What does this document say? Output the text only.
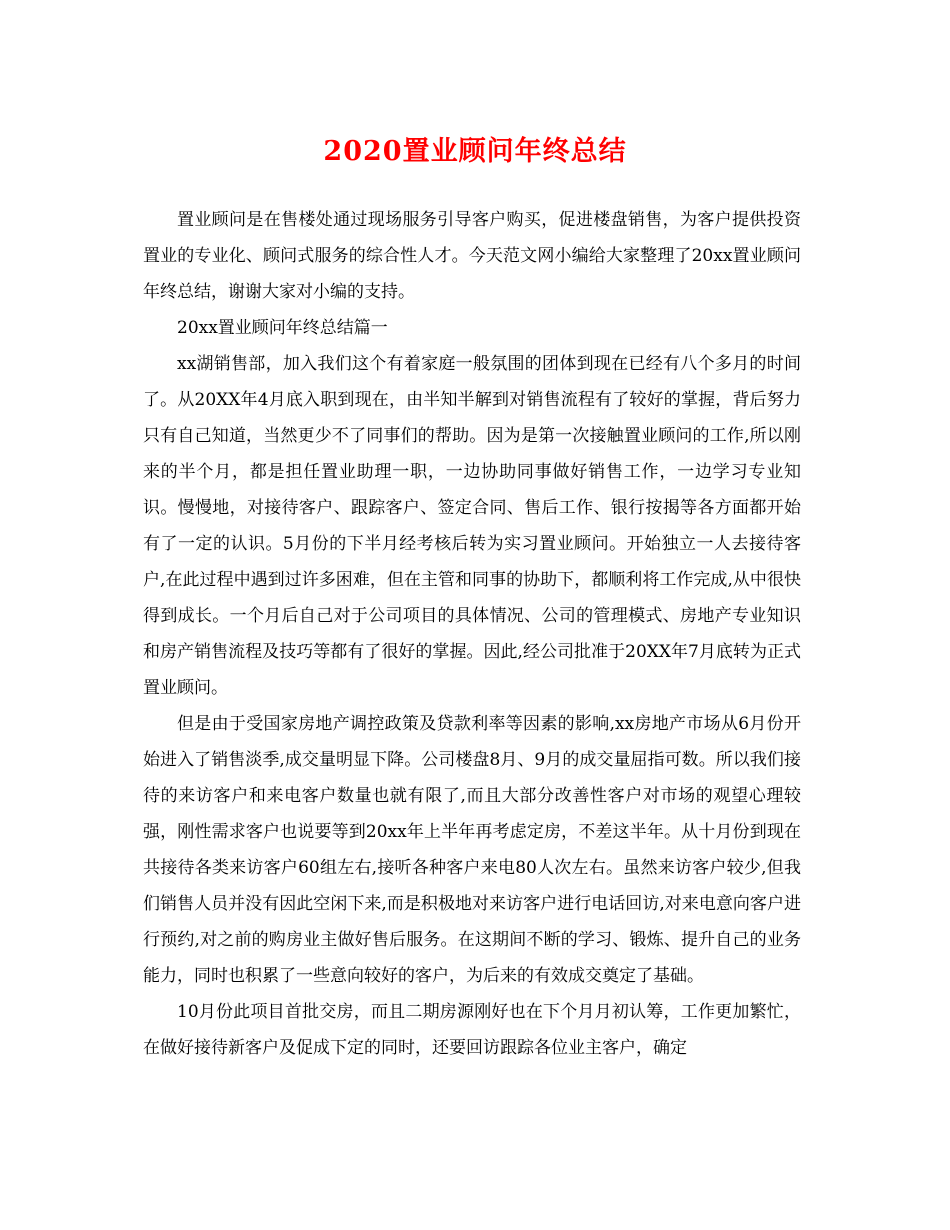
2020置业顾问年终总结

置业顾问是在售楼处通过现场服务引导客户购买，促进楼盘销售，为客户提供投资置业的专业化、顾问式服务的综合性人才。今天范文网小编给大家整理了20xx置业顾问年终总结，谢谢大家对小编的支持。

20xx置业顾问年终总结篇一

xx湖销售部，加入我们这个有着家庭一般氛围的团体到现在已经有八个多月的时间了。从20XX年4月底入职到现在，由半知半解到对销售流程有了较好的掌握，背后努力只有自己知道，当然更少不了同事们的帮助。因为是第一次接触置业顾问的工作,所以刚来的半个月，都是担任置业助理一职，一边协助同事做好销售工作，一边学习专业知识。慢慢地，对接待客户、跟踪客户、签定合同、售后工作、银行按揭等各方面都开始有了一定的认识。5月份的下半月经考核后转为实习置业顾问。开始独立一人去接待客户,在此过程中遇到过许多困难，但在主管和同事的协助下，都顺利将工作完成,从中很快得到成长。一个月后自己对于公司项目的具体情况、公司的管理模式、房地产专业知识和房产销售流程及技巧等都有了很好的掌握。因此,经公司批准于20XX年7月底转为正式置业顾问。

但是由于受国家房地产调控政策及贷款利率等因素的影响,xx房地产市场从6月份开始进入了销售淡季,成交量明显下降。公司楼盘8月、9月的成交量屈指可数。所以我们接待的来访客户和来电客户数量也就有限了,而且大部分改善性客户对市场的观望心理较强，刚性需求客户也说要等到20xx年上半年再考虑定房，不差这半年。从十月份到现在共接待各类来访客户60组左右,接听各种客户来电80人次左右。虽然来访客户较少,但我们销售人员并没有因此空闲下来,而是积极地对来访客户进行电话回访,对来电意向客户进行预约,对之前的购房业主做好售后服务。在这期间不断的学习、锻炼、提升自己的业务能力，同时也积累了一些意向较好的客户，为后来的有效成交奠定了基础。

10月份此项目首批交房，而且二期房源刚好也在下个月月初认筹，工作更加繁忙，在做好接待新客户及促成下定的同时，还要回访跟踪各位业主客户，确定
